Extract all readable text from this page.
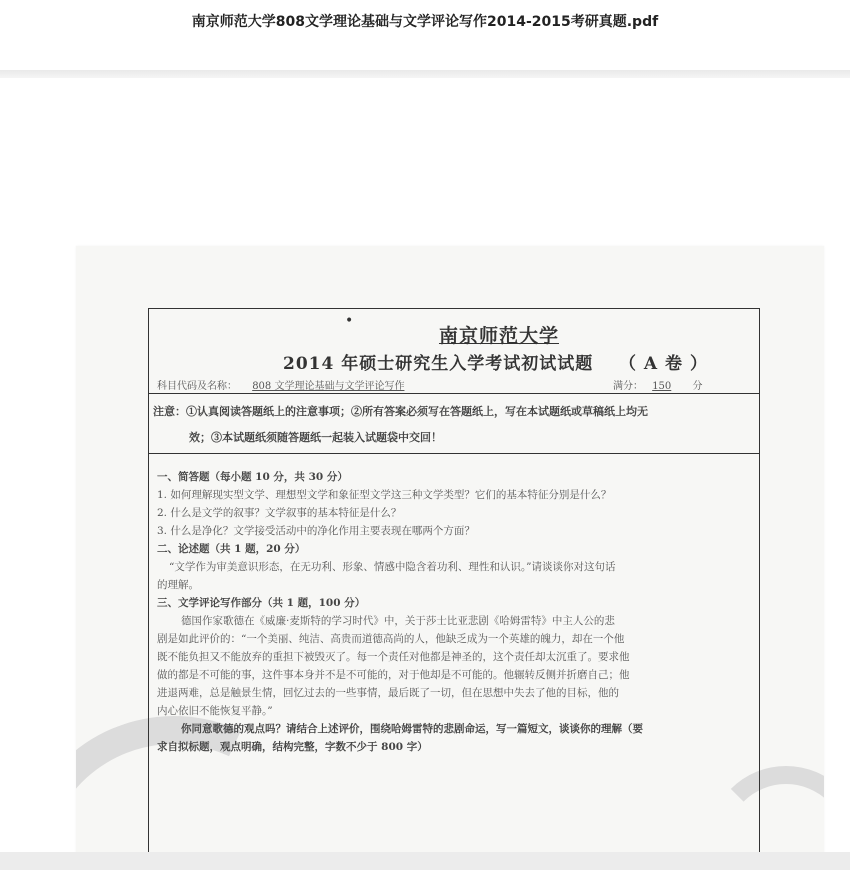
南京师范大学808文学理论基础与文学评论写作2014-2015考研真题.pdf
•
南京师范大学
2014 年硕士研究生入学考试初试试题 （ A 卷 ）
科目代码及名称： 808 文学理论基础与文学评论写作	满分： 150 分
注意：①认真阅读答题纸上的注意事项；②所有答案必须写在答题纸上，写在本试题纸或草稿纸上均无
效；③本试题纸须随答题纸一起装入试题袋中交回！
一、简答题（每小题 10 分，共 30 分）
1. 如何理解现实型文学、理想型文学和象征型文学这三种文学类型？它们的基本特征分别是什么？
2. 什么是文学的叙事？文学叙事的基本特征是什么？
3. 什么是净化？文学接受活动中的净化作用主要表现在哪两个方面？
二、论述题（共 1 题，20 分）
“文学作为审美意识形态，在无功利、形象、情感中隐含着功利、理性和认识。”请谈谈你对这句话
的理解。
三、文学评论写作部分（共 1 题，100 分）
德国作家歌德在《威廉·麦斯特的学习时代》中，关于莎士比亚悲剧《哈姆雷特》中主人公的悲
剧是如此评价的：“一个美丽、纯洁、高贵而道德高尚的人，他缺乏成为一个英雄的魄力，却在一个他
既不能负担又不能放弃的重担下被毁灭了。每一个责任对他都是神圣的，这个责任却太沉重了。要求他
做的都是不可能的事，这件事本身并不是不可能的，对于他却是不可能的。他辗转反侧并折磨自己；他
进退两难，总是触景生情，回忆过去的一些事情，最后既了一切，但在思想中失去了他的目标，他的
内心依旧不能恢复平静。”
你同意歌德的观点吗？请结合上述评价，围绕哈姆雷特的悲剧命运，写一篇短文，谈谈你的理解（要
求自拟标题，观点明确，结构完整，字数不少于 800 字）
